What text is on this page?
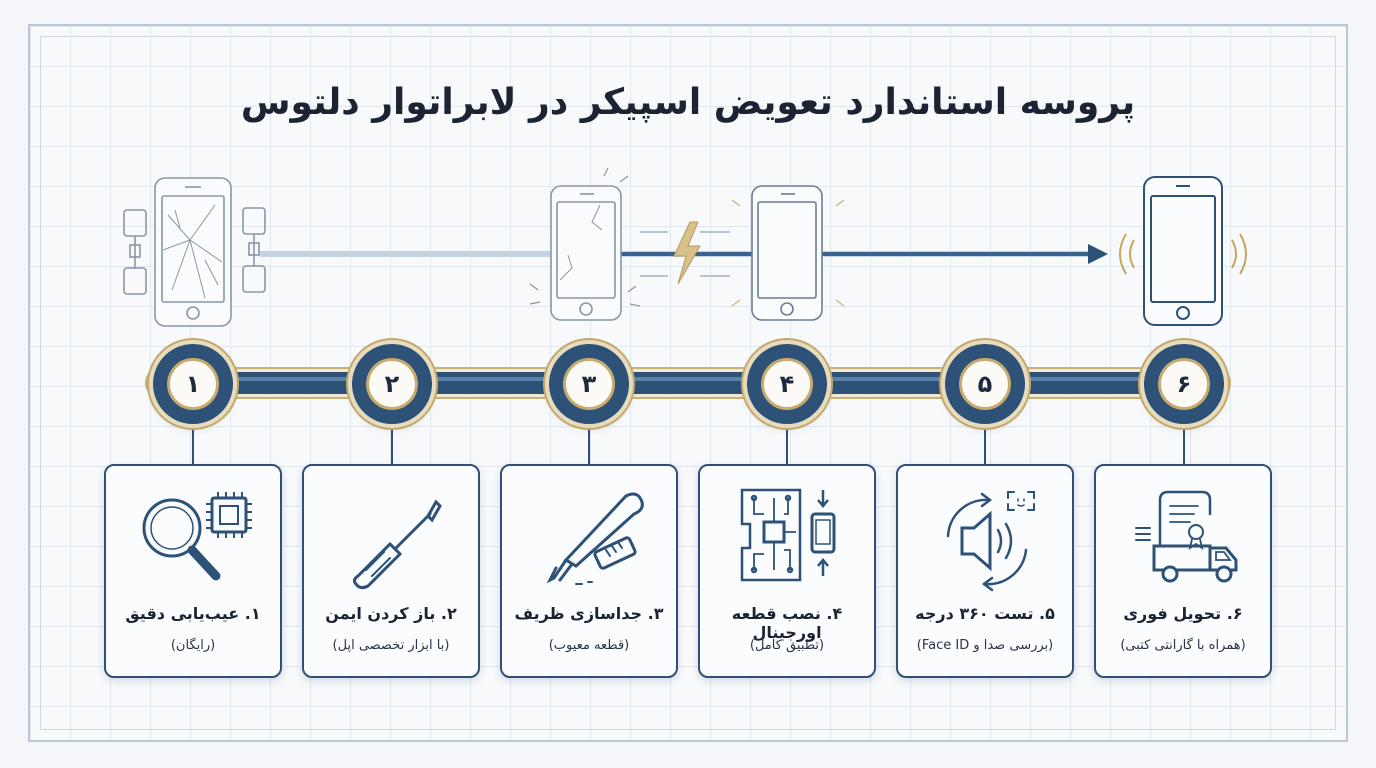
پروسه استاندارد تعویض اسپیکر در لابراتوار دلتوس
۱	۲	۳	۴	۵	۶
۱. عیب‌یابی دقیق
(رایگان)
۲. باز کردن ایمن
(با ابزار تخصصی اپل)
۳. جداسازی ظریف
(قطعه معیوب)
۴. نصب قطعه اورجینال
(تطبیق کامل)
۵. تست ۳۶۰ درجه
(بررسی صدا و Face ID)
۶. تحویل فوری
(همراه با گارانتی کتبی)
